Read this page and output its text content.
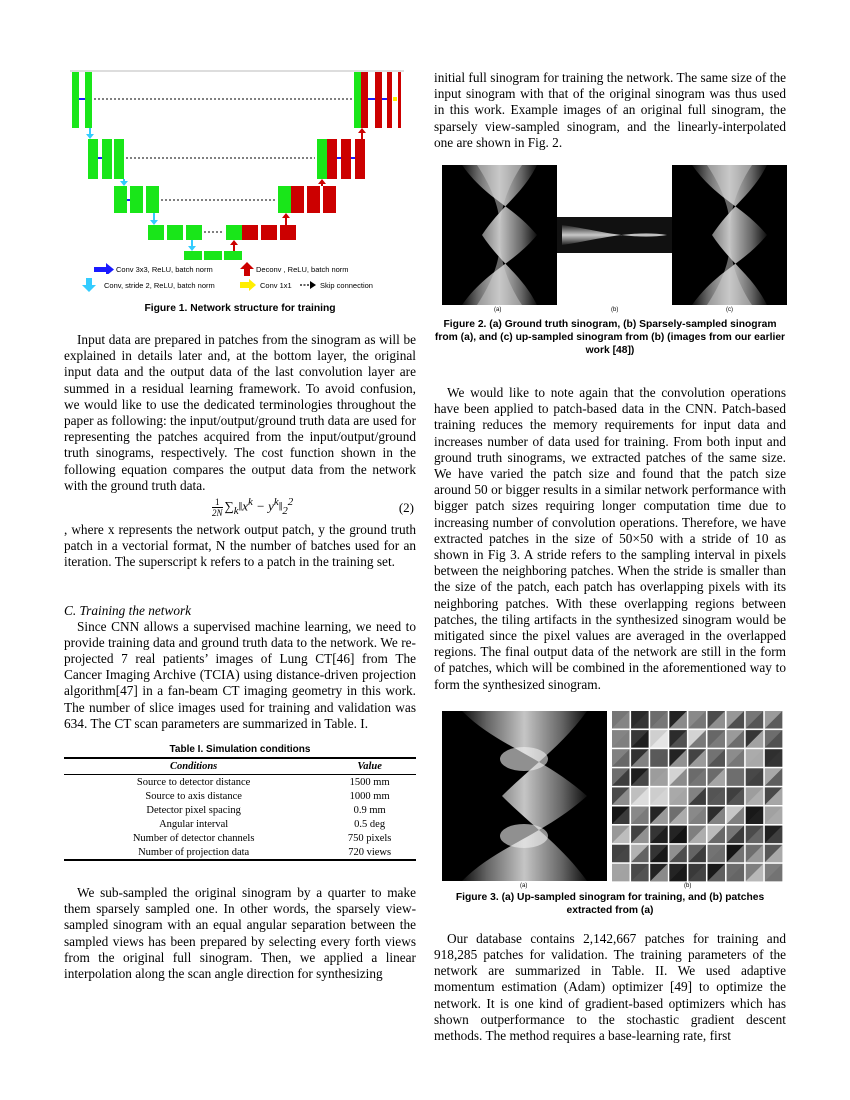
Conv 3x3, ReLU, batch norm	Deconv , ReLU, batch norm
Conv, stride 2, ReLU, batch norm	Conv 1x1	Skip connection
Figure 1. Network structure for training

Input data are prepared in patches from the sinogram as will be explained in details later and, at the bottom layer, the original input data and the output data of the last convolution layer are summed in a residual learning framework. To avoid confusion, we would like to use the dedicated terminologies throughout the paper as following: the input/output/ground truth data are used for representing the patches acquired from the input/output/ground truth sinograms, respectively. The cost function shown in the following equation compares the output data from the network with the ground truth data.

$\frac{1}{2N}$ $\sum_k‖x^k$ − $y^k‖_2^2$	(2)

, where x represents the network output patch, y the ground truth patch in a vectorial format, N the number of batches used for an iteration. The superscript k refers to a patch in the training set.

C. Training the network

Since CNN allows a supervised machine learning, we need to provide training data and ground truth data to the network. We re-projected 7 real patients’ images of Lung CT[46] from The Cancer Imaging Archive (TCIA) using distance-driven projection algorithm[47] in a fan-beam CT imaging geometry in this work. The number of slice images used for training and validation was 634. The CT scan parameters are summarized in Table. I.

Table I. Simulation conditions
Conditions	Value
Source to detector distance	1500 mm
Source to axis distance	1000 mm
Detector pixel spacing	0.9 mm
Angular interval	0.5 deg
Number of detector channels	750 pixels
Number of projection data	720 views

We sub-sampled the original sinogram by a quarter to make them sparsely sampled one. In other words, the sparsely view-sampled sinogram with an equal angular separation between the sampled views has been prepared by selecting every forth views from the original full sinogram. Then, we applied a linear interpolation along the scan angle direction for synthesizing

initial full sinogram for training the network. The same size of the input sinogram with that of the original sinogram was thus used in this work. Example images of an original full sinogram, the sparsely view-sampled sinogram, and the linearly-interpolated one are shown in Fig. 2.

(a)	(b)	(c)
Figure 2. (a) Ground truth sinogram, (b) Sparsely-sampled sinogram from (a), and (c) up-sampled sinogram from (b) (images from our earlier work [48])

We would like to note again that the convolution operations have been applied to patch-based data in the CNN. Patch-based training reduces the memory requirements for input data and increases number of data used for training. From both input and ground truth sinograms, we extracted patches of the same size. We have varied the patch size and found that the patch size around 50 or bigger results in a similar network performance with bigger patch sizes requiring longer computation time due to increasing number of convolution operations. Therefore, we have extracted patches in the size of 50×50 with a stride of 10 as shown in Fig 3. A stride refers to the sampling interval in pixels between the neighboring patches. When the stride is smaller than the size of the patch, each patch has overlapping pixels with its neighboring patches. With these overlapping regions between patches, the tiling artifacts in the synthesized sinogram would be mitigated since the pixel values are averaged in the overlapped regions. The final output data of the network are still in the form of patches, which will be combined in the aforementioned way to form the synthesized sinogram.

(a)	(b)
Figure 3. (a) Up-sampled sinogram for training, and (b) patches extracted from (a)

Our database contains 2,142,667 patches for training and 918,285 patches for validation. The training parameters of the network are summarized in Table. II. We used adaptive momentum estimation (Adam) optimizer [49] to optimize the network. It is one kind of gradient-based optimizers which has shown outperformance to the stochastic gradient descent methods. The method requires a base-learning rate, first
